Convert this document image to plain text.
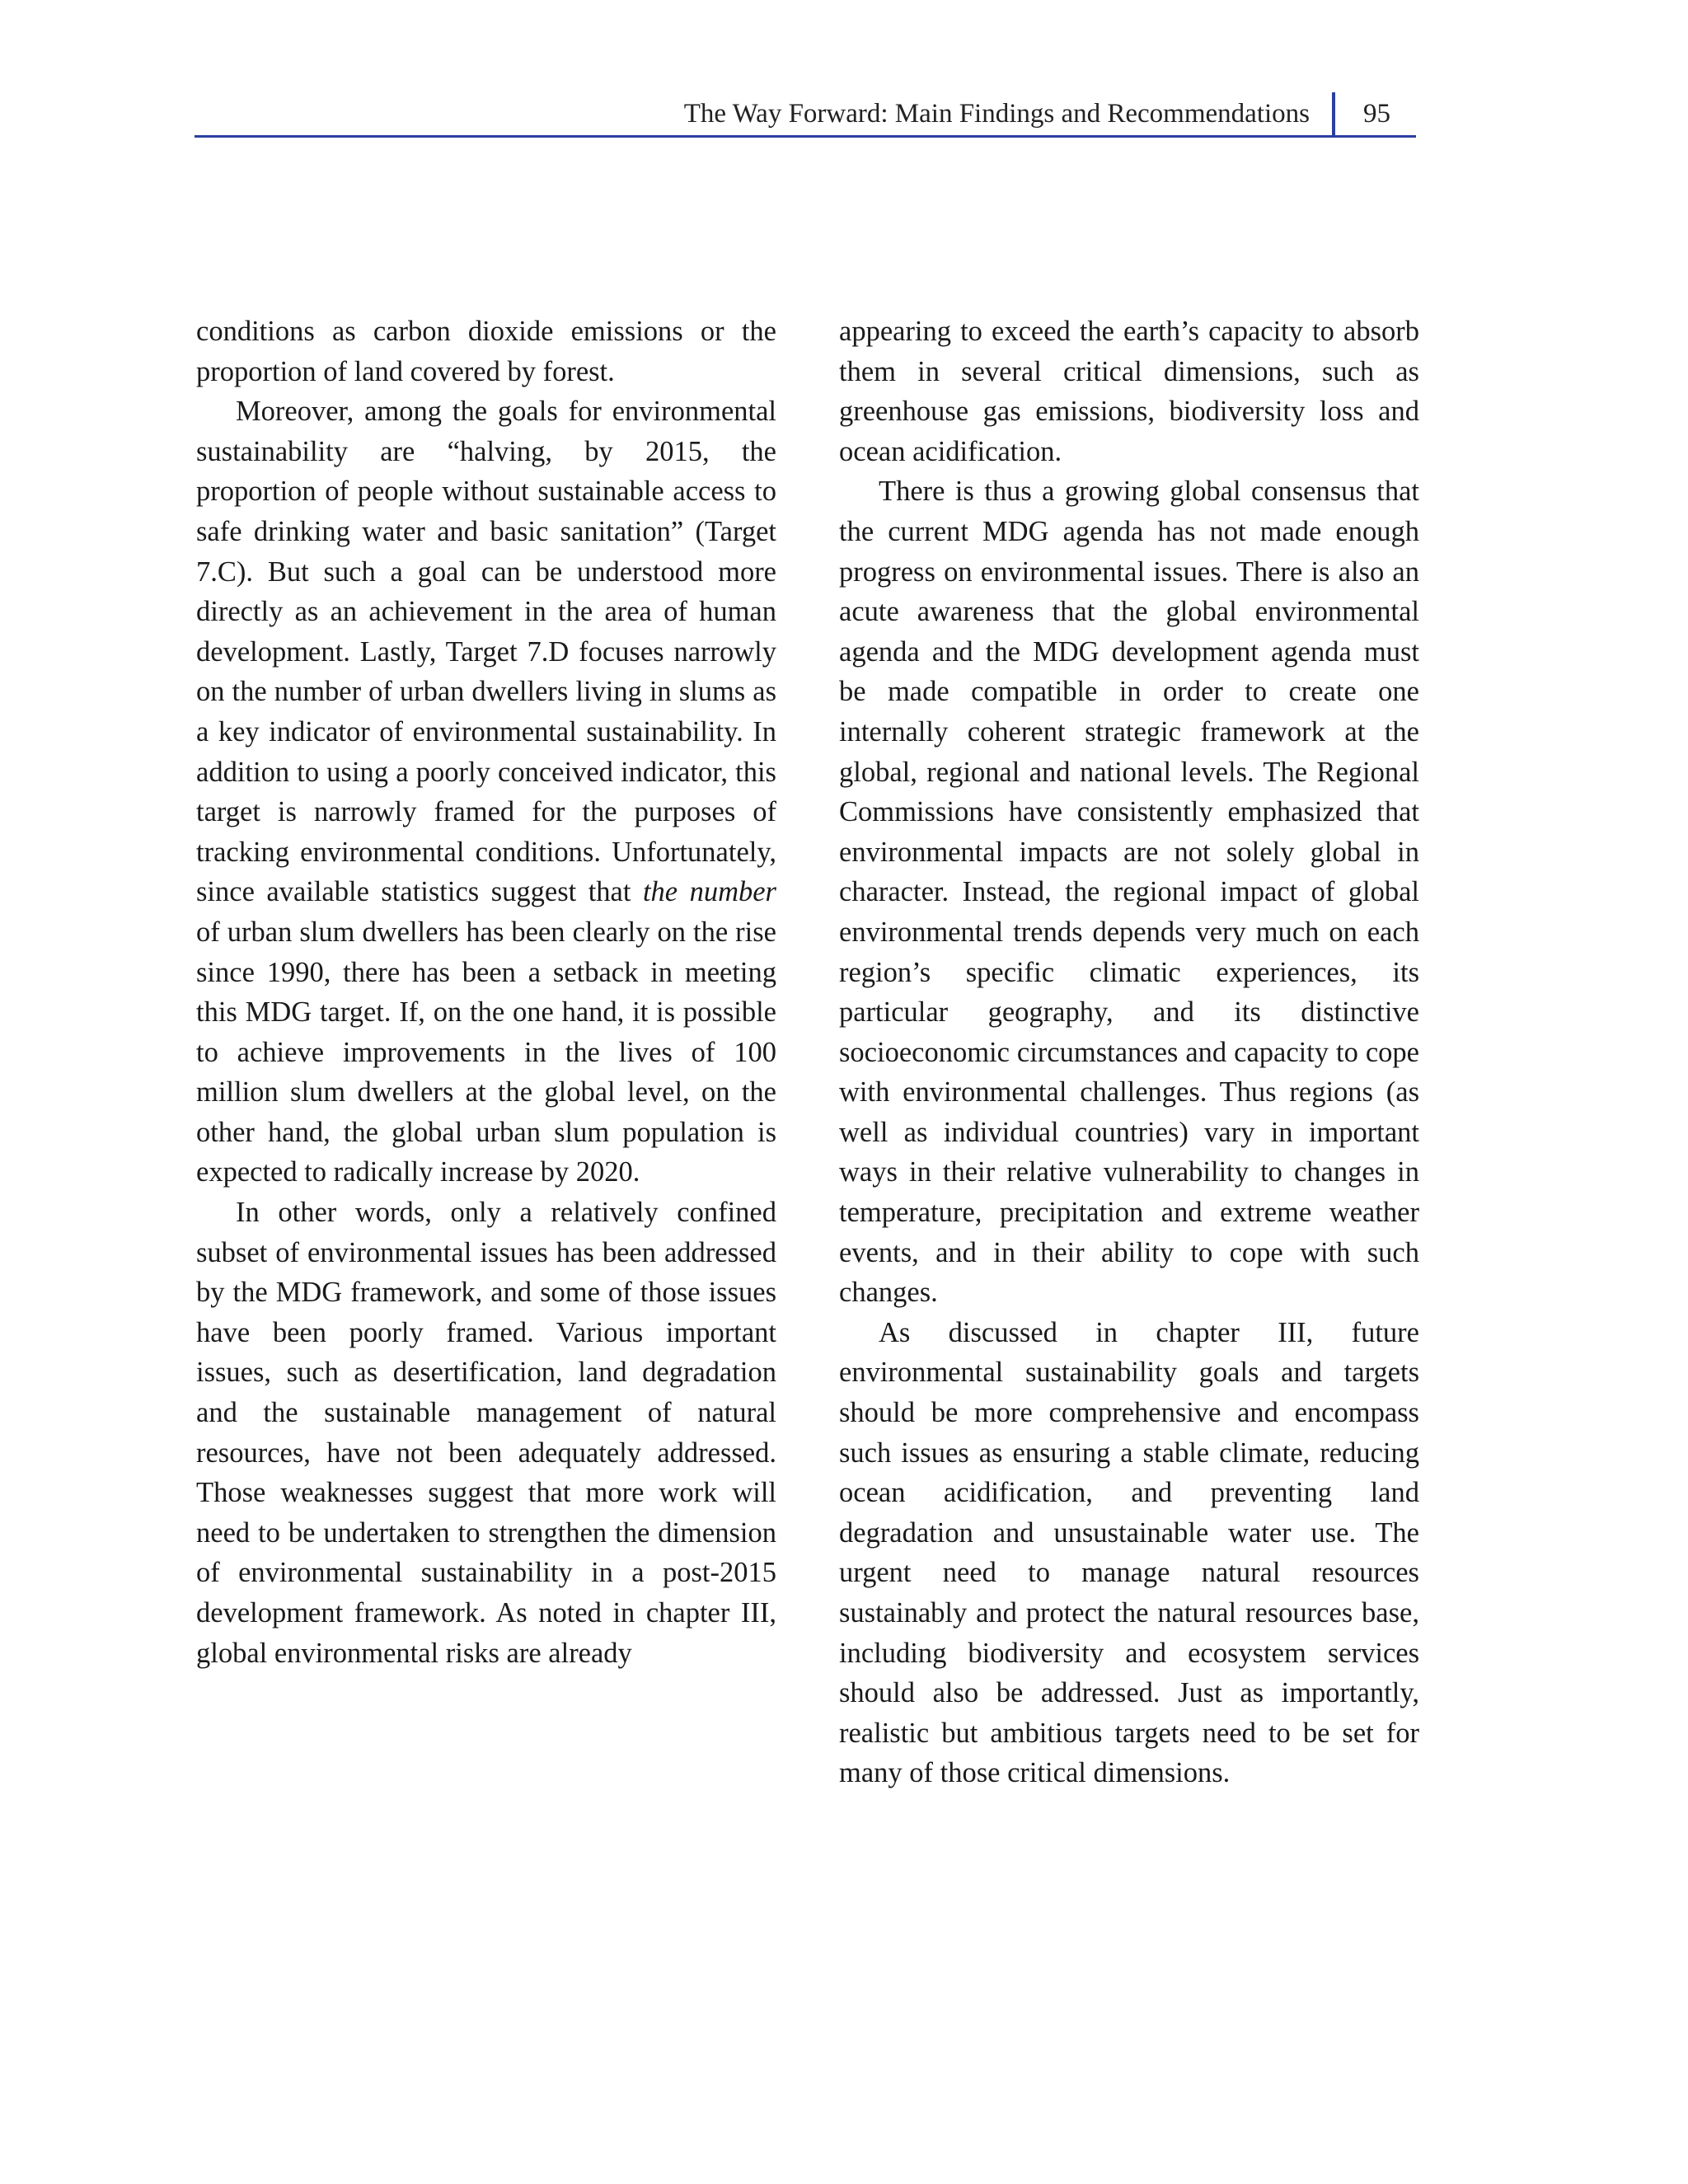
The Way Forward: Main Findings and Recommendations 95

conditions as carbon dioxide emissions or the proportion of land covered by forest.

Moreover, among the goals for environmental sustainability are “halving, by 2015, the proportion of people without sustainable access to safe drinking water and basic sanitation” (Target 7.C). But such a goal can be understood more directly as an achievement in the area of human development. Lastly, Target 7.D focuses narrowly on the number of urban dwellers living in slums as a key indicator of environmental sustainability. In addition to using a poorly conceived indicator, this target is narrowly framed for the purposes of tracking environmental conditions. Unfortunately, since available statistics suggest that the number of urban slum dwellers has been clearly on the rise since 1990, there has been a setback in meeting this MDG target. If, on the one hand, it is possible to achieve improvements in the lives of 100 million slum dwellers at the global level, on the other hand, the global urban slum population is expected to radically increase by 2020.

In other words, only a relatively confined subset of environmental issues has been addressed by the MDG framework, and some of those issues have been poorly framed. Various important issues, such as desertification, land degradation and the sustainable management of natural resources, have not been adequately addressed. Those weaknesses suggest that more work will need to be undertaken to strengthen the dimension of environmental sustainability in a post-2015 development framework. As noted in chapter III, global environmental risks are already

appearing to exceed the earth’s capacity to absorb them in several critical dimensions, such as greenhouse gas emissions, biodiversity loss and ocean acidification.

There is thus a growing global consensus that the current MDG agenda has not made enough progress on environmental issues. There is also an acute awareness that the global environmental agenda and the MDG development agenda must be made compatible in order to create one internally coherent strategic framework at the global, regional and national levels. The Regional Commissions have consistently emphasized that environmental impacts are not solely global in character. Instead, the regional impact of global environmental trends depends very much on each region’s specific climatic experiences, its particular geography, and its distinctive socioeconomic circumstances and capacity to cope with environmental challenges. Thus regions (as well as individual countries) vary in important ways in their relative vulnerability to changes in temperature, precipitation and extreme weather events, and in their ability to cope with such changes.

As discussed in chapter III, future environmental sustainability goals and targets should be more comprehensive and encompass such issues as ensuring a stable climate, reducing ocean acidification, and preventing land degradation and unsustainable water use. The urgent need to manage natural resources sustainably and protect the natural resources base, including biodiversity and ecosystem services should also be addressed. Just as importantly, realistic but ambitious targets need to be set for many of those critical dimensions.
